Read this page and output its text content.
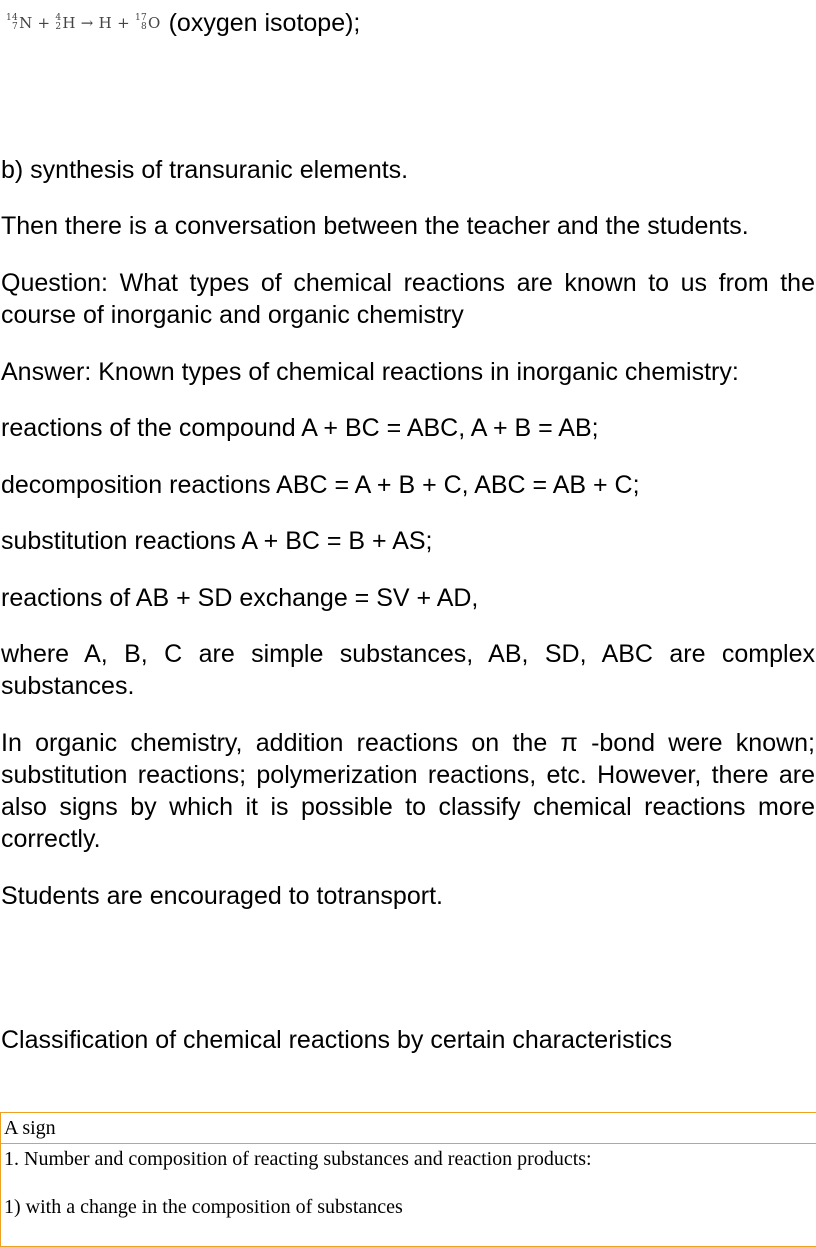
14
7 N + 4
2 H → H + 17
8 O (oxygen isotope);

b) synthesis of transuranic elements.

Then there is a conversation between the teacher and the students.

Question: What types of chemical reactions are known to us from the course of inorganic and organic chemistry

Answer: Known types of chemical reactions in inorganic chemistry:

reactions of the compound A + BC = ABC, A + B = AB;

decomposition reactions ABC = A + B + C, ABC = AB + C;

substitution reactions A + BC = B + AS;

reactions of AB + SD exchange = SV + AD,

where A, B, C are simple substances, AB, SD, ABC are complex substances.

In organic chemistry, addition reactions on the π -bond were known; substitution reactions; polymerization reactions, etc. However, there are also signs by which it is possible to classify chemical reactions more correctly.

Students are encouraged to totransport.

Classification of chemical reactions by certain characteristics

A sign

1. Number and composition of reacting substances and reaction products:
1) with a change in the composition of substances
